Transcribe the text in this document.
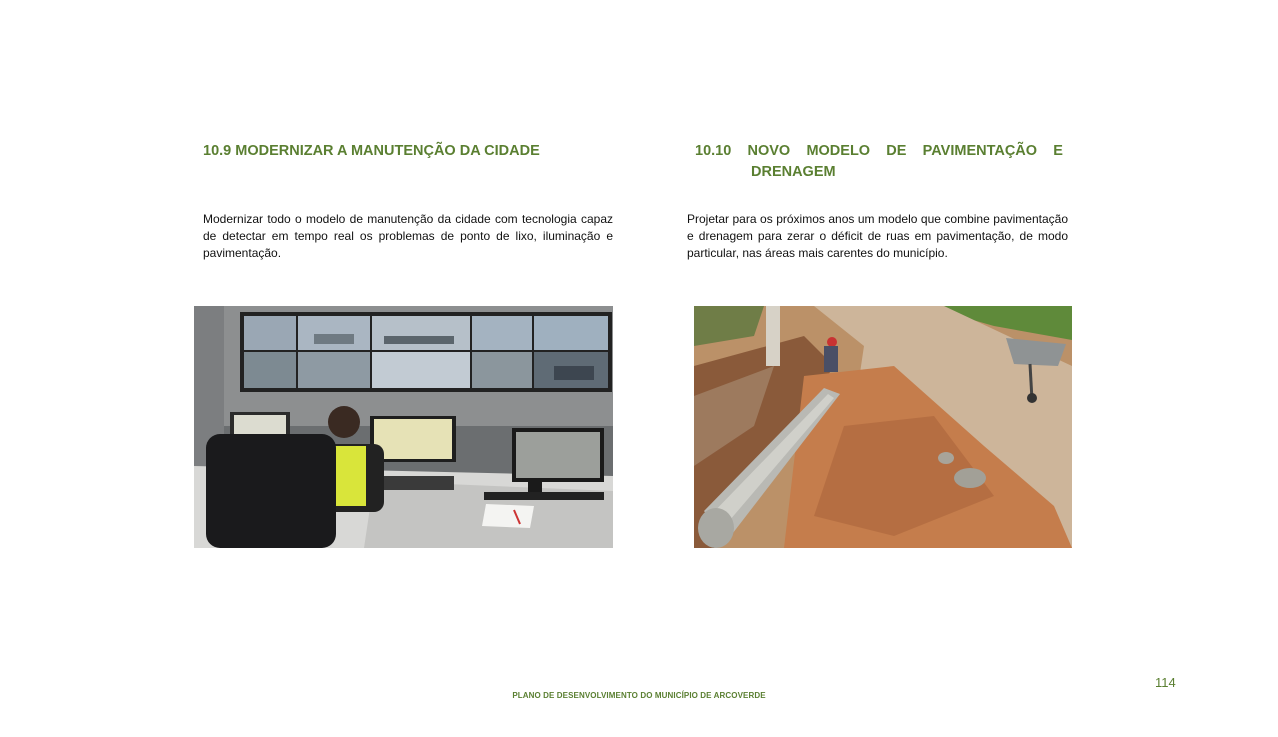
10.9 MODERNIZAR A MANUTENÇÃO DA CIDADE	10.10 NOVO MODELO DE PAVIMENTAÇÃO E
DRENAGEM

Modernizar todo o modelo de manutenção da cidade com tecnologia capaz de detectar em tempo real os problemas de ponto de lixo, iluminação e pavimentação.

Projetar para os próximos anos um modelo que combine pavimentação e drenagem para zerar o déficit de ruas em pavimentação, de modo particular, nas áreas mais carentes do município.

114
PLANO DE DESENVOLVIMENTO DO MUNICÍPIO DE ARCOVERDE
